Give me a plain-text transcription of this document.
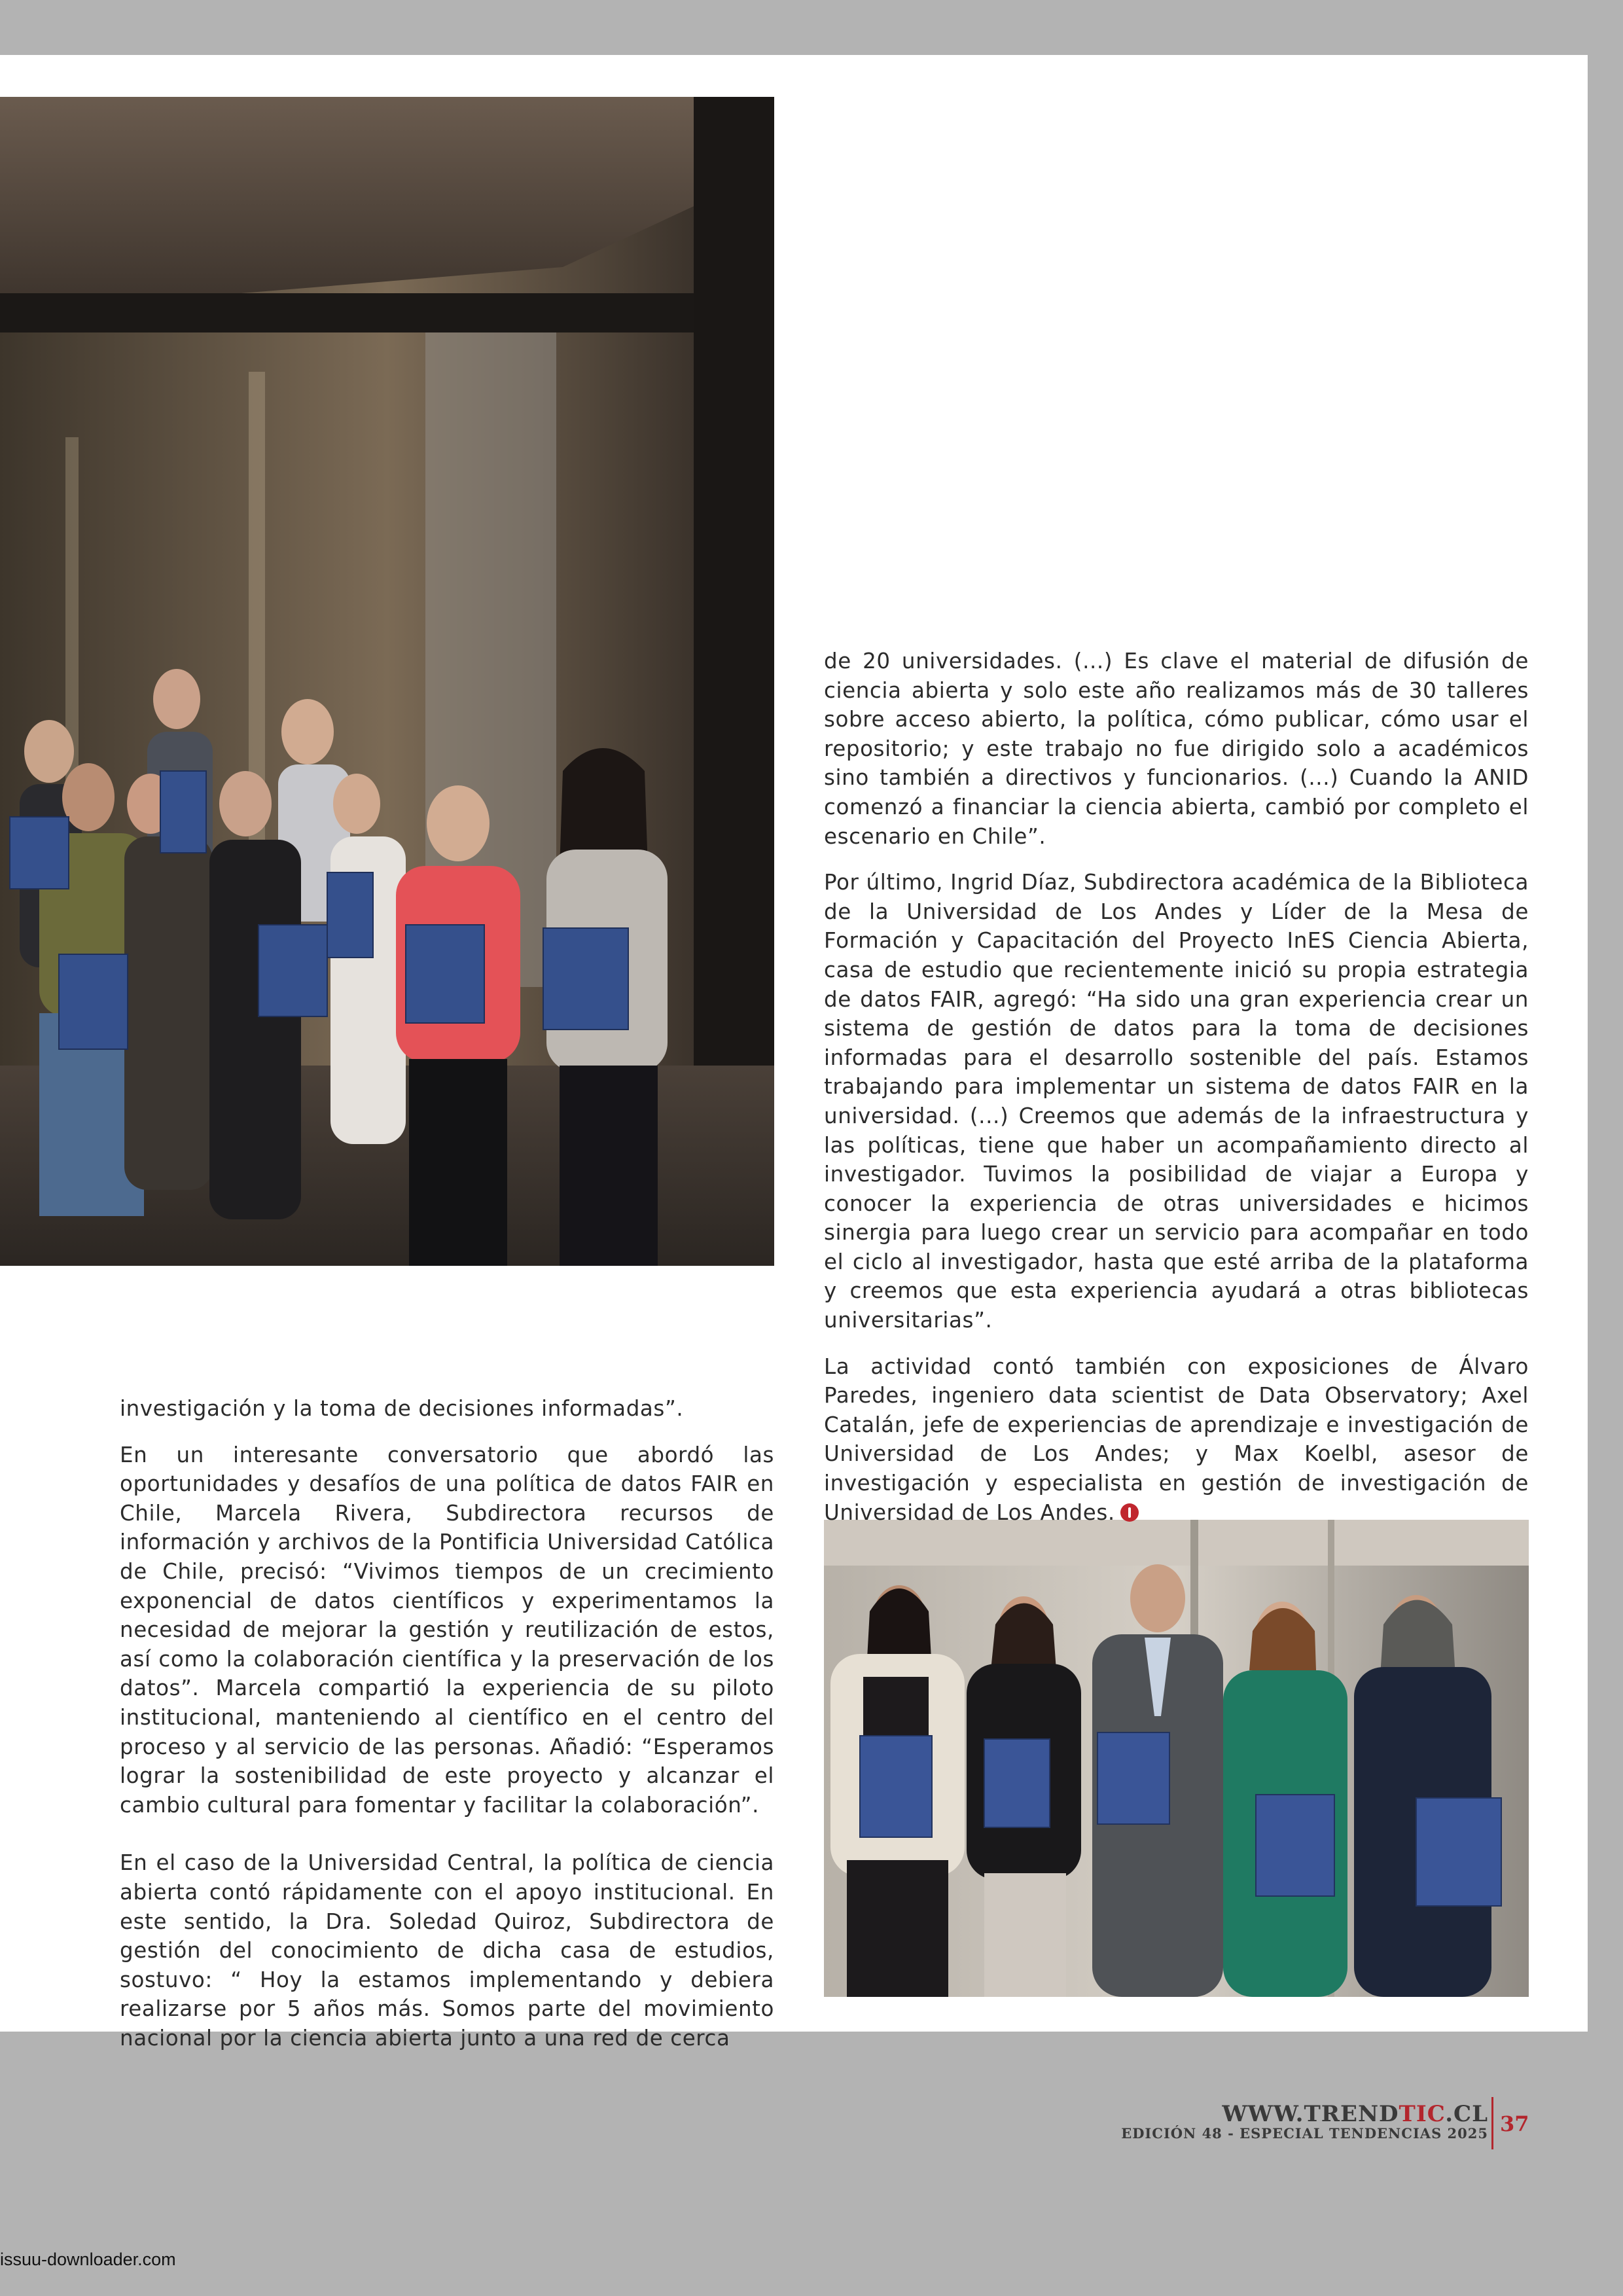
investigación y la toma de decisiones informadas”.

En un interesante conversatorio que abordó las oportunidades y desafíos de una política de datos FAIR en Chile, Marcela Rivera, Subdirectora recursos de información y archivos de la Pontificia Universidad Católica de Chile, precisó: “Vivimos tiempos de un crecimiento exponencial de datos científicos y experimentamos la necesidad de mejorar la gestión y reutilización de estos, así como la colaboración científica y la preservación de los datos”. Marcela compartió la experiencia de su piloto institucional, manteniendo al científico en el centro del proceso y al servicio de las personas. Añadió: “Esperamos lograr la sostenibilidad de este proyecto y alcanzar el cambio cultural para fomentar y facilitar la colaboración”.

En el caso de la Universidad Central, la política de ciencia abierta contó rápidamente con el apoyo institucional. En este sentido, la Dra. Soledad Quiroz, Subdirectora de gestión del conocimiento de dicha casa de estudios, sostuvo: “ Hoy la estamos implementando y debiera realizarse por 5 años más. Somos parte del movimiento nacional por la ciencia abierta junto a una red de cerca

de 20 universidades. (...) Es clave el material de difusión de ciencia abierta y solo este año realizamos más de 30 talleres sobre acceso abierto, la política, cómo publicar, cómo usar el repositorio; y este trabajo no fue dirigido solo a académicos sino también a directivos y funcionarios. (...) Cuando la ANID comenzó a financiar la ciencia abierta, cambió por completo el escenario en Chile”.

Por último, Ingrid Díaz, Subdirectora académica de la Biblioteca de la Universidad de Los Andes y Líder de la Mesa de Formación y Capacitación del Proyecto InES Ciencia Abierta, casa de estudio que recientemente inició su propia estrategia de datos FAIR, agregó: “Ha sido una gran experiencia crear un sistema de gestión de datos para la toma de decisiones informadas para el desarrollo sostenible del país. Estamos trabajando para implementar un sistema de datos FAIR en la universidad. (...) Creemos que además de la infraestructura y las políticas, tiene que haber un acompañamiento directo al investigador. Tuvimos la posibilidad de viajar a Europa y conocer la experiencia de otras universidades e hicimos sinergia para luego crear un servicio para acompañar en todo el ciclo al investigador, hasta que esté arriba de la plataforma y creemos que esta experiencia ayudará a otras bibliotecas universitarias”.

La actividad contó también con exposiciones de Álvaro Paredes, ingeniero data scientist de Data Observatory; Axel Catalán, jefe de experiencias de aprendizaje e investigación de Universidad de Los Andes; y Max Koelbl, asesor de investigación y especialista en gestión de investigación de Universidad de Los Andes.

WWW.TRENDTIC.CL
EDICIÓN 48 - ESPECIAL TENDENCIAS 2025 37
issuu-downloader.com
